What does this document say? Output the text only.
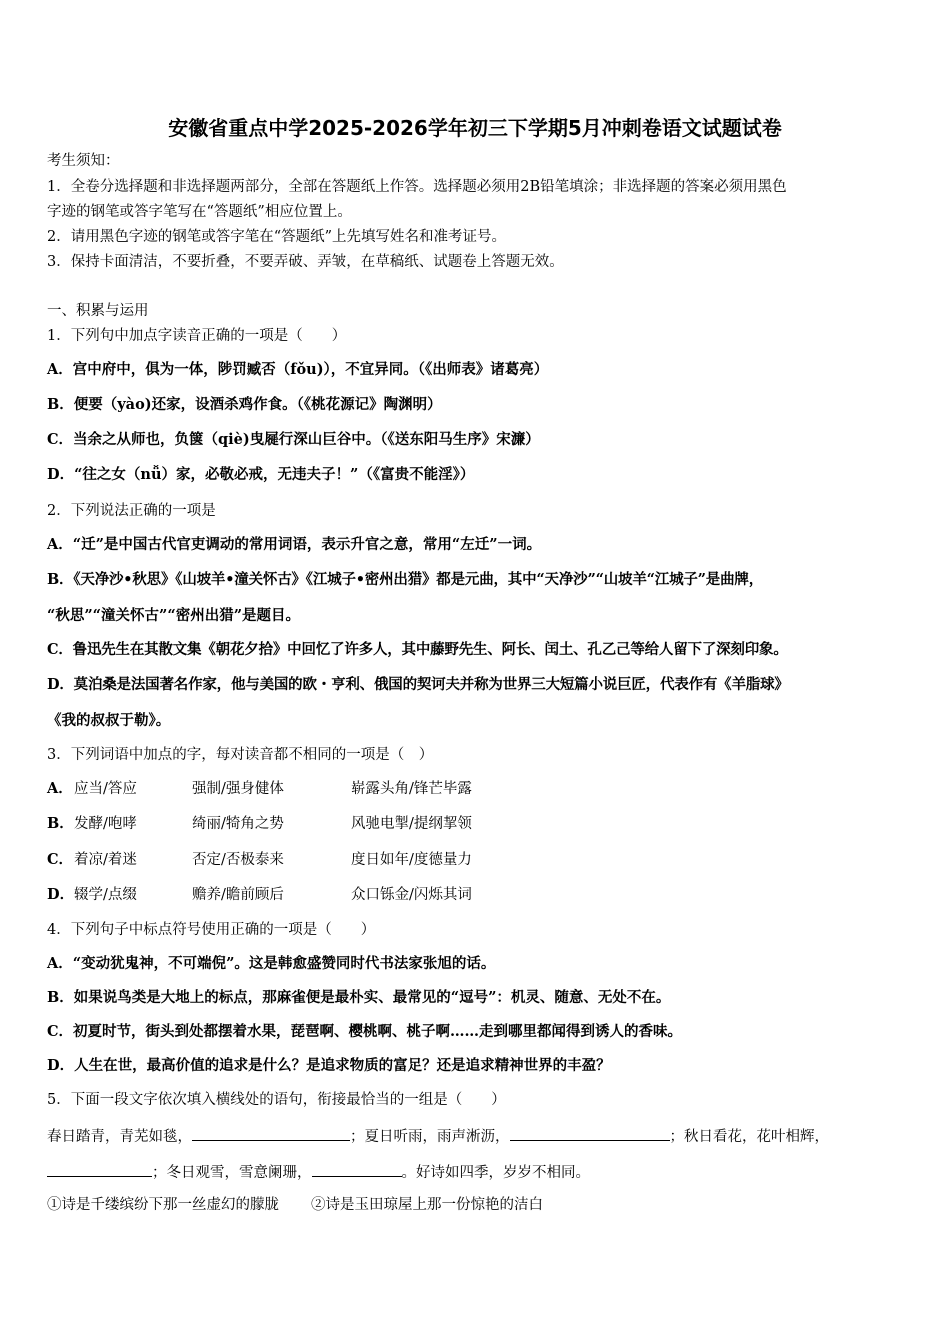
安徽省重点中学2025-2026学年初三下学期5月冲刺卷语文试题试卷
考生须知：
1．全卷分选择题和非选择题两部分，全部在答题纸上作答。选择题必须用2B铅笔填涂；非选择题的答案必须用黑色
字迹的钢笔或答字笔写在“答题纸”相应位置上。
2．请用黑色字迹的钢笔或答字笔在“答题纸”上先填写姓名和准考证号。
3．保持卡面清洁，不要折叠，不要弄破、弄皱，在草稿纸、试题卷上答题无效。
一、积累与运用
1．下列句中加点字读音正确的一项是（　　）
A．宫中府中，俱为一体，陟罚臧否（fǒu)），不宜异同。（《出师表》诸葛亮）
B．便要（yào)还家，设酒杀鸡作食。（《桃花源记》陶渊明）
C．当余之从师也，负箧（qiè)曳屣行深山巨谷中。（《送东阳马生序》宋濂）
D．“往之女（nǚ）家，必敬必戒，无违夫子！”（《富贵不能淫》）
2．下列说法正确的一项是
A．“迁”是中国古代官吏调动的常用词语，表示升官之意，常用“左迁”一词。
B．《天净沙•秋思》《山坡羊•潼关怀古》《江城子•密州出猎》都是元曲，其中“天净沙”“山坡羊“江城子”是曲牌，
“秋思”“潼关怀古”“密州出猎”是题目。
C．鲁迅先生在其散文集《朝花夕拾》中回忆了许多人，其中藤野先生、阿长、闰土、孔乙己等给人留下了深刻印象。
D．莫泊桑是法国著名作家，他与美国的欧・亨利、俄国的契诃夫并称为世界三大短篇小说巨匠，代表作有《羊脂球》
《我的叔叔于勒》。
3．下列词语中加点的字，每对读音都不相同的一项是（　）
A． 应当/答应	强制/强身健体	崭露头角/锋芒毕露
B． 发酵/咆哮	绮丽/犄角之势	风驰电掣/提纲挈领
C． 着凉/着迷	否定/否极泰来	度日如年/度德量力
D． 辍学/点缀	赡养/瞻前顾后	众口铄金/闪烁其词
4．下列句子中标点符号使用正确的一项是（　　）
A．“变动犹鬼神，不可端倪”。这是韩愈盛赞同时代书法家张旭的话。
B．如果说鸟类是大地上的标点，那麻雀便是最朴实、最常见的“逗号”：机灵、随意、无处不在。
C．初夏时节，街头到处都摆着水果，琵琶啊、樱桃啊、桃子啊……走到哪里都闻得到诱人的香味。
D．人生在世，最高价值的追求是什么？是追求物质的富足？还是追求精神世界的丰盈？
5．下面一段文字依次填入横线处的语句，衔接最恰当的一组是（　　）
春日踏青，青芜如毯，	；夏日听雨，雨声淅沥，	；秋日看花，花叶相辉，
；冬日观雪，雪意阑珊，	。好诗如四季，岁岁不相同。
①诗是千缕缤纷下那一丝虚幻的朦胧 ②诗是玉田琼屋上那一份惊艳的洁白
